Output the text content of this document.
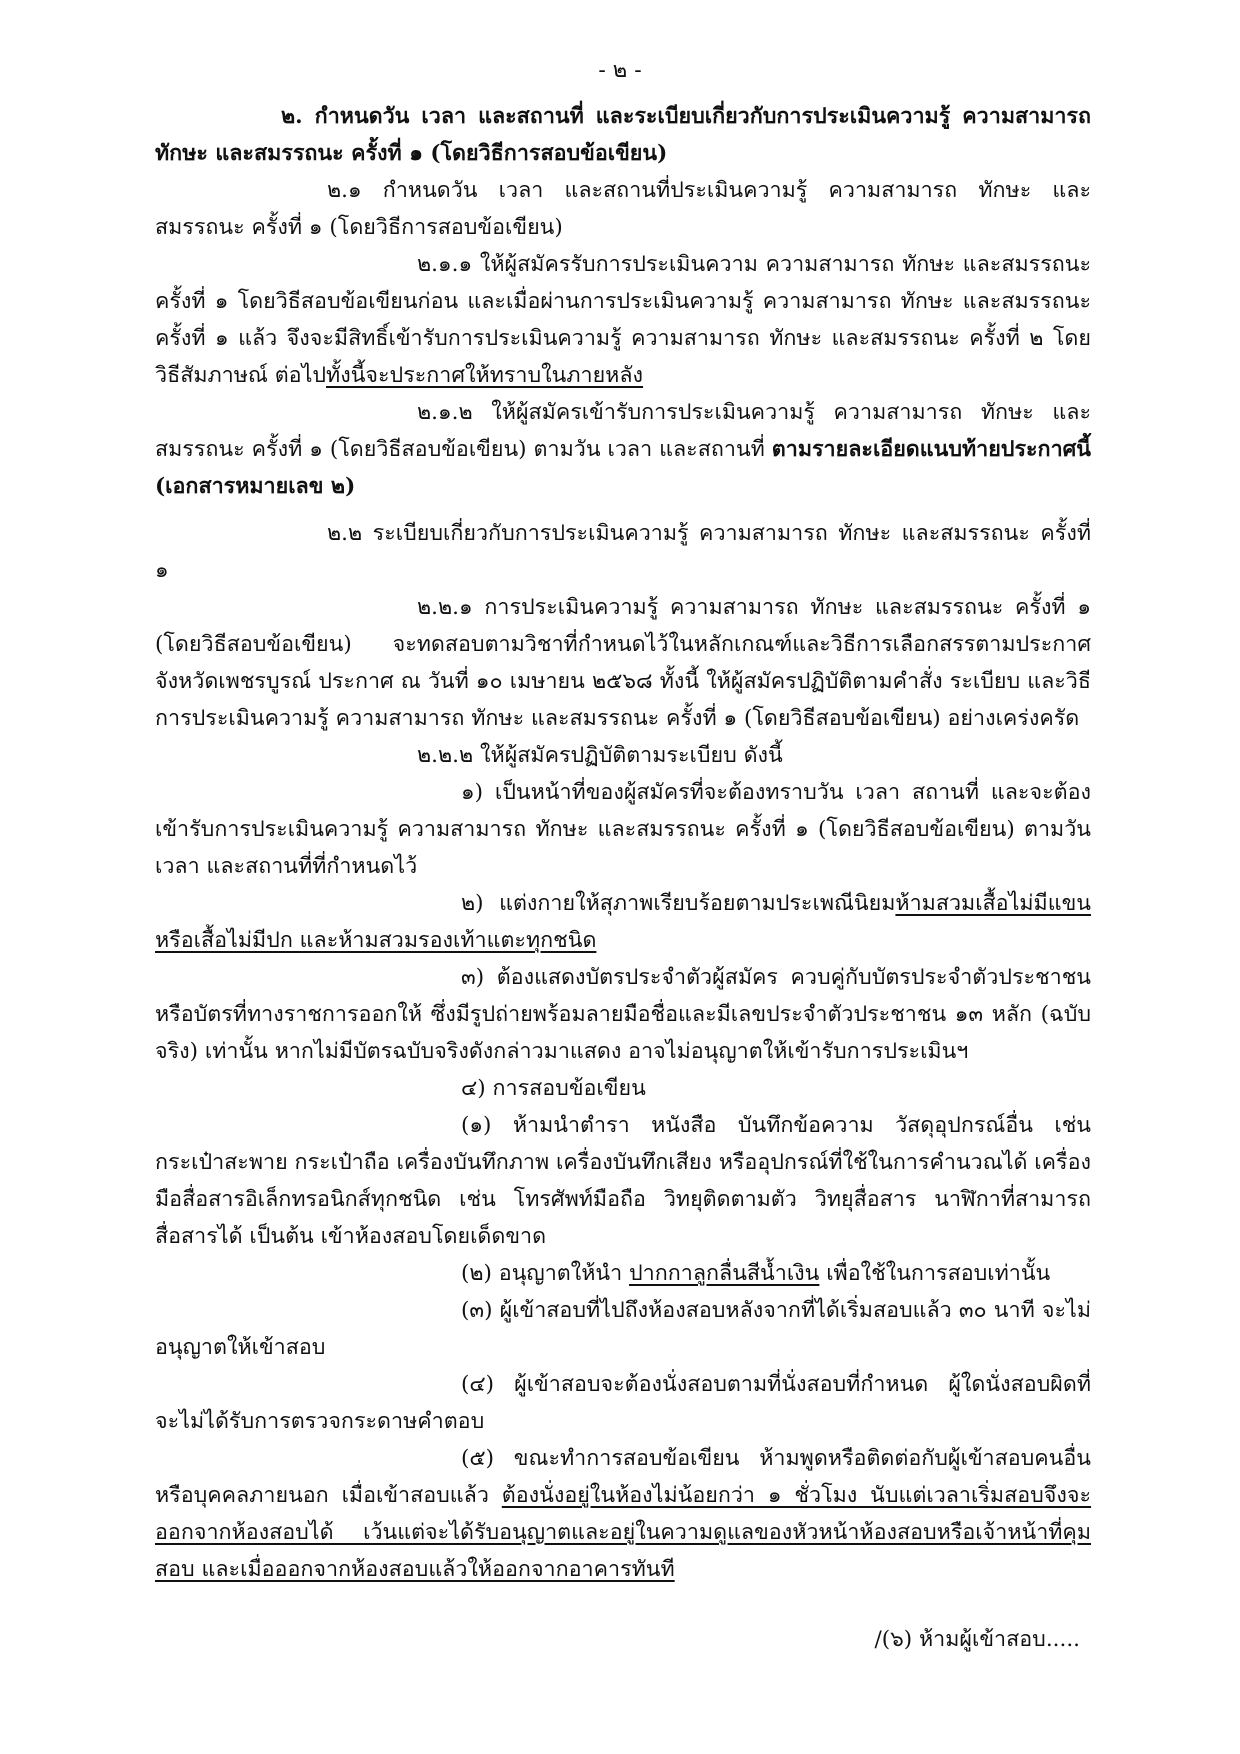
- ๒ -

๒. กำหนดวัน เวลา และสถานที่ และระเบียบเกี่ยวกับการประเมินความรู้ ความสามารถ ทักษะ และสมรรถนะ ครั้งที่ ๑ (โดยวิธีการสอบข้อเขียน)

๒.๑ กำหนดวัน เวลา และสถานที่ประเมินความรู้ ความสามารถ ทักษะ และสมรรถนะ ครั้งที่ ๑ (โดยวิธีการสอบข้อเขียน)

๒.๑.๑ ให้ผู้สมัครรับการประเมินความ ความสามารถ ทักษะ และสมรรถนะ ครั้งที่ ๑ โดยวิธีสอบข้อเขียนก่อน และเมื่อผ่านการประเมินความรู้ ความสามารถ ทักษะ และสมรรถนะ ครั้งที่ ๑ แล้ว จึงจะมีสิทธิ์เข้ารับการประเมินความรู้ ความสามารถ ทักษะ และสมรรถนะ ครั้งที่ ๒ โดยวิธีสัมภาษณ์ ต่อไปทั้งนี้จะประกาศให้ทราบในภายหลัง

๒.๑.๒ ให้ผู้สมัครเข้ารับการประเมินความรู้ ความสามารถ ทักษะ และสมรรถนะ ครั้งที่ ๑ (โดยวิธีสอบข้อเขียน) ตามวัน เวลา และสถานที่ ตามรายละเอียดแนบท้ายประกาศนี้ (เอกสารหมายเลข ๒)

๒.๒ ระเบียบเกี่ยวกับการประเมินความรู้ ความสามารถ ทักษะ และสมรรถนะ ครั้งที่ ๑

๒.๒.๑ การประเมินความรู้ ความสามารถ ทักษะ และสมรรถนะ ครั้งที่ ๑ (โดยวิธีสอบข้อเขียน) จะทดสอบตามวิชาที่กำหนดไว้ในหลักเกณฑ์และวิธีการเลือกสรรตามประกาศจังหวัดเพชรบูรณ์ ประกาศ ณ วันที่ ๑๐ เมษายน ๒๕๖๘ ทั้งนี้ ให้ผู้สมัครปฏิบัติตามคำสั่ง ระเบียบ และวิธีการประเมินความรู้ ความสามารถ ทักษะ และสมรรถนะ ครั้งที่ ๑ (โดยวิธีสอบข้อเขียน) อย่างเคร่งครัด

๒.๒.๒ ให้ผู้สมัครปฏิบัติตามระเบียบ ดังนี้

๑) เป็นหน้าที่ของผู้สมัครที่จะต้องทราบวัน เวลา สถานที่ และจะต้องเข้ารับการประเมินความรู้ ความสามารถ ทักษะ และสมรรถนะ ครั้งที่ ๑ (โดยวิธีสอบข้อเขียน) ตามวัน เวลา และสถานที่ที่กำหนดไว้

๒) แต่งกายให้สุภาพเรียบร้อยตามประเพณีนิยมห้ามสวมเสื้อไม่มีแขนหรือเสื้อไม่มีปก และห้ามสวมรองเท้าแตะทุกชนิด

๓) ต้องแสดงบัตรประจำตัวผู้สมัคร ควบคู่กับบัตรประจำตัวประชาชนหรือบัตรที่ทางราชการออกให้ ซึ่งมีรูปถ่ายพร้อมลายมือชื่อและมีเลขประจำตัวประชาชน ๑๓ หลัก (ฉบับจริง) เท่านั้น หากไม่มีบัตรฉบับจริงดังกล่าวมาแสดง อาจไม่อนุญาตให้เข้ารับการประเมินฯ

๔) การสอบข้อเขียน

(๑) ห้ามนำตำรา หนังสือ บันทึกข้อความ วัสดุอุปกรณ์อื่น เช่น กระเป๋าสะพาย กระเป๋าถือ เครื่องบันทึกภาพ เครื่องบันทึกเสียง หรืออุปกรณ์ที่ใช้ในการคำนวณได้ เครื่องมือสื่อสารอิเล็กทรอนิกส์ทุกชนิด เช่น โทรศัพท์มือถือ วิทยุติดตามตัว วิทยุสื่อสาร นาฬิกาที่สามารถสื่อสารได้ เป็นต้น เข้าห้องสอบโดยเด็ดขาด

(๒) อนุญาตให้นำ ปากกาลูกลื่นสีน้ำเงิน เพื่อใช้ในการสอบเท่านั้น

(๓) ผู้เข้าสอบที่ไปถึงห้องสอบหลังจากที่ได้เริ่มสอบแล้ว ๓๐ นาที จะไม่อนุญาตให้เข้าสอบ

(๔) ผู้เข้าสอบจะต้องนั่งสอบตามที่นั่งสอบที่กำหนด ผู้ใดนั่งสอบผิดที่ จะไม่ได้รับการตรวจกระดาษคำตอบ

(๕) ขณะทำการสอบข้อเขียน ห้ามพูดหรือติดต่อกับผู้เข้าสอบคนอื่นหรือบุคคลภายนอก เมื่อเข้าสอบแล้ว ต้องนั่งอยู่ในห้องไม่น้อยกว่า ๑ ชั่วโมง นับแต่เวลาเริ่มสอบจึงจะออกจากห้องสอบได้ เว้นแต่จะได้รับอนุญาตและอยู่ในความดูแลของหัวหน้าห้องสอบหรือเจ้าหน้าที่คุมสอบ และเมื่อออกจากห้องสอบแล้วให้ออกจากอาคารทันที

/(๖) ห้ามผู้เข้าสอบ.....
